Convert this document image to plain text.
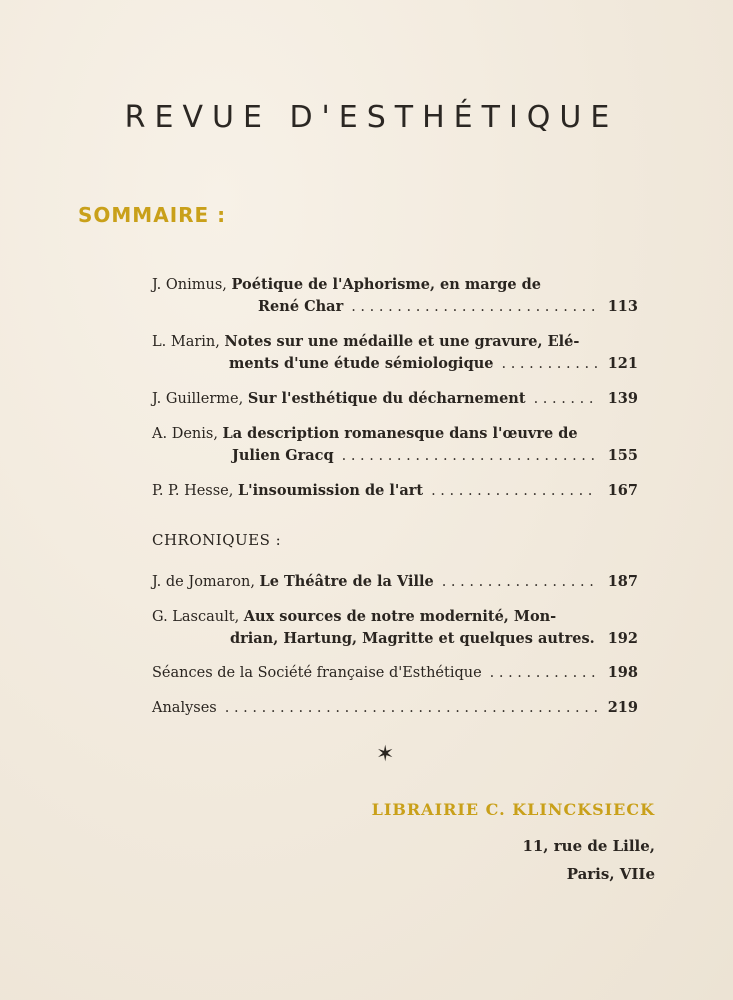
REVUE D'ESTHÉTIQUE
SOMMAIRE :
J. Onimus,
Poétique de l'Aphorisme, en marge de
René Char . . .	113
L. Marin,
Notes sur une médaille et une gravure, Elé-
ments d'une étude sémiologique . . .	121
J. Guillerme,
Sur l'esthétique du décharnement . . .	139
A. Denis,
La description romanesque dans l'œuvre de
Julien Gracq . . .	155
P. P. Hesse,
L'insoumission de l'art . . .	167
CHRONIQUES :
J. de Jomaron,
Le Théâtre de la Ville . . .	187
G. Lascault,
Aux sources de notre modernité, Mon-
drian, Hartung, Magritte et quelques autres. 192
Séances de la Société française d'Esthétique . . .	198
Analyses . . .	219
✶
LIBRAIRIE C. KLINCKSIECK
11, rue de Lille,
Paris, VIIe
